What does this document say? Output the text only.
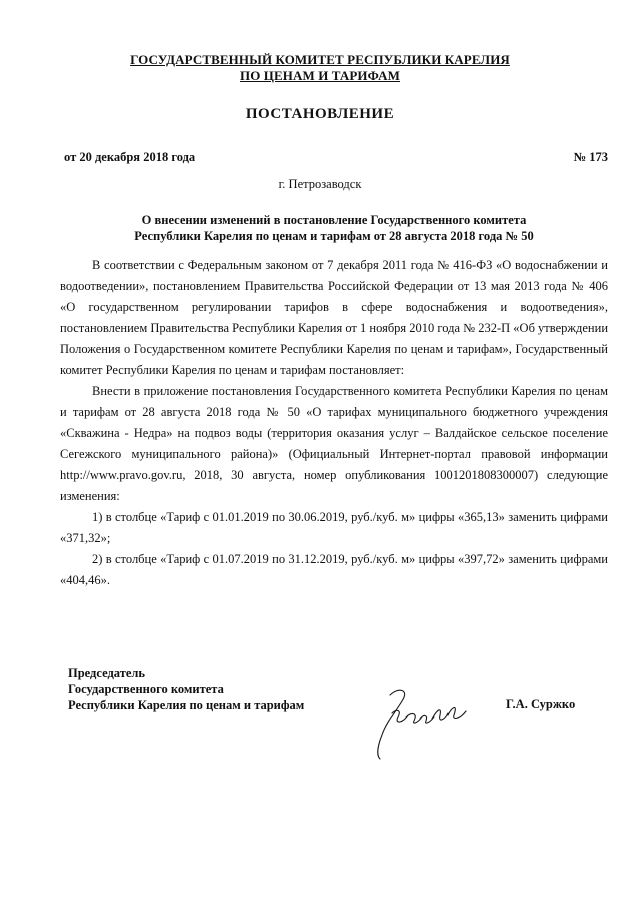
ГОСУДАРСТВЕННЫЙ КОМИТЕТ РЕСПУБЛИКИ КАРЕЛИЯ
ПО ЦЕНАМ И ТАРИФАМ
ПОСТАНОВЛЕНИЕ
от 20 декабря 2018 года	№ 173
г. Петрозаводск
О внесении изменений в постановление Государственного комитета
Республики Карелия по ценам и тарифам от 28 августа 2018 года № 50

В соответствии с Федеральным законом от 7 декабря 2011 года № 416-ФЗ «О водоснабжении и водоотведении», постановлением Правительства Российской Федерации от 13 мая 2013 года № 406 «О государственном регулировании тарифов в сфере водоснабжения и водоотведения», постановлением Правительства Республики Карелия от 1 ноября 2010 года № 232-П «Об утверждении Положения о Государственном комитете Республики Карелия по ценам и тарифам», Государственный комитет Республики Карелия по ценам и тарифам постановляет:

Внести в приложение постановления Государственного комитета Республики Карелия по ценам и тарифам от 28 августа 2018 года № 50 «О тарифах муниципального бюджетного учреждения «Скважина - Недра» на подвоз воды (территория оказания услуг – Валдайское сельское поселение Сегежского муниципального района)» (Официальный Интернет-портал правовой информации http://www.pravo.gov.ru, 2018, 30 августа, номер опубликования 1001201808300007) следующие изменения:

1) в столбце «Тариф с 01.01.2019 по 30.06.2019, руб./куб. м» цифры «365,13» заменить цифрами «371,32»;

2) в столбце «Тариф с 01.07.2019 по 31.12.2019, руб./куб. м» цифры «397,72» заменить цифрами «404,46».

Председатель
Государственного комитета
Республики Карелия по ценам и тарифам	Г.А. Суржко
